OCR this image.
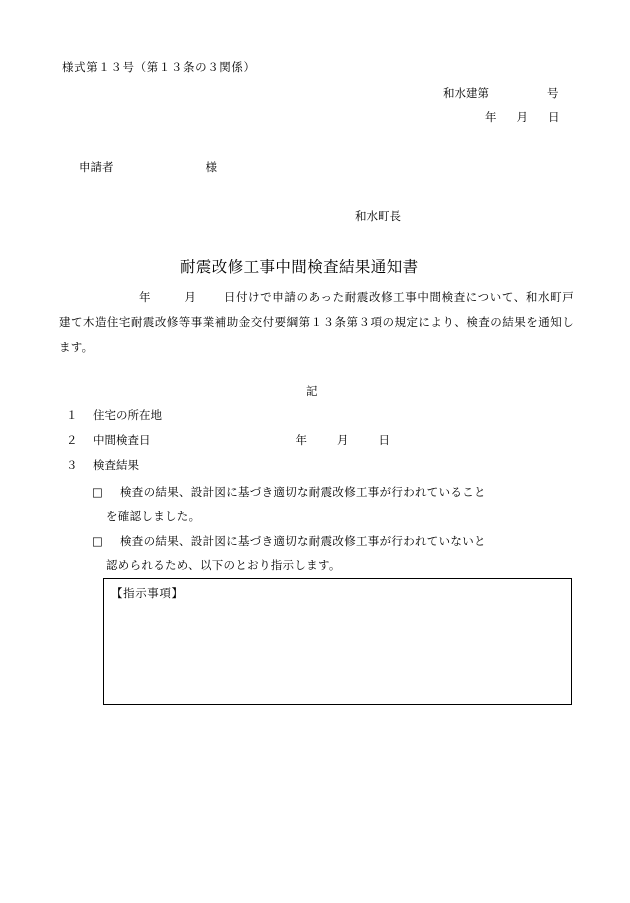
様式第１３号（第１３条の３関係）
和水建第	号
年 月 日
申請者	様
和水町長
耐震改修工事中間検査結果通知書
年	月 日付けで申請のあった耐震改修工事中間検査について、和水町戸建て木造住宅耐震改修等事業補助金交付要綱第１３条第３項の規定により、検査の結果を通知します。
記
１ 住宅の所在地
２ 中間検査日	年	月	日
３ 検査結果
□ 検査の結果、設計図に基づき適切な耐震改修工事が行われていること
を確認しました。
□ 検査の結果、設計図に基づき適切な耐震改修工事が行われていないと
認められるため、以下のとおり指示します。
【指示事項】
